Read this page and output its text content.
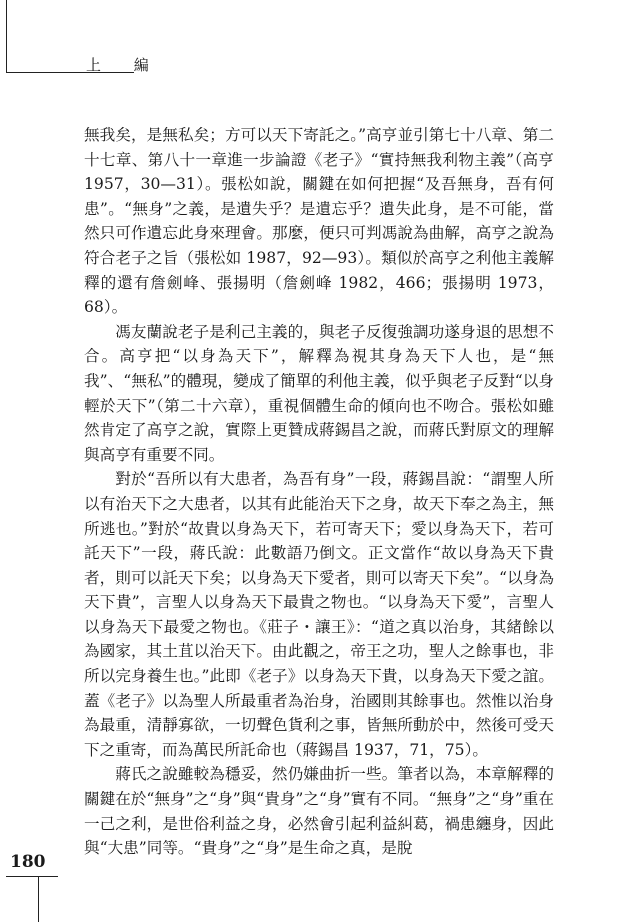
上 編

無我矣，是無私矣；方可以天下寄託之。”高亨並引第七十八章、第二十七章、第八十一章進一步論證《老子》“實持無我利物主義”（高亨 1957，30—31）。張松如說，關鍵在如何把握“及吾無身，吾有何患”。“無身”之義，是遺失乎？是遺忘乎？遺失此身，是不可能，當然只可作遺忘此身來理會。那麼，便只可判馮說為曲解，高亨之說為符合老子之旨（張松如 1987，92—93）。類似於高亨之利他主義解釋的還有詹劍峰、張揚明（詹劍峰 1982，466；張揚明 1973，68）。

馮友蘭說老子是利己主義的，與老子反復強調功遂身退的思想不合。高亨把“以身為天下”，解釋為視其身為天下人也，是“無我”、“無私”的體現，變成了簡單的利他主義，似乎與老子反對“以身輕於天下”（第二十六章），重視個體生命的傾向也不吻合。張松如雖然肯定了高亨之說，實際上更贊成蔣錫昌之說，而蔣氏對原文的理解與高亨有重要不同。

對於“吾所以有大患者，為吾有身”一段，蔣錫昌說：“謂聖人所以有治天下之大患者，以其有此能治天下之身，故天下奉之為主，無所逃也。”對於“故貴以身為天下，若可寄天下；愛以身為天下，若可託天下”一段，蔣氏說：此數語乃倒文。正文當作“故以身為天下貴者，則可以託天下矣；以身為天下愛者，則可以寄天下矣”。“以身為天下貴”，言聖人以身為天下最貴之物也。“以身為天下愛”，言聖人以身為天下最愛之物也。《莊子・讓王》：“道之真以治身，其緒餘以為國家，其土苴以治天下。由此觀之，帝王之功，聖人之餘事也，非所以完身養生也。”此即《老子》以身為天下貴，以身為天下愛之誼。蓋《老子》以為聖人所最重者為治身，治國則其餘事也。然惟以治身為最重，清靜寡欲，一切聲色貨利之事，皆無所動於中，然後可受天下之重寄，而為萬民所託命也（蔣錫昌 1937，71，75）。

蔣氏之說雖較為穩妥，然仍嫌曲折一些。筆者以為，本章解釋的關鍵在於“無身”之“身”與“貴身”之“身”實有不同。“無身”之“身”重在一己之利，是世俗利益之身，必然會引起利益糾葛，禍患纏身，因此與“大患”同等。“貴身”之“身”是生命之真，是脫

180
